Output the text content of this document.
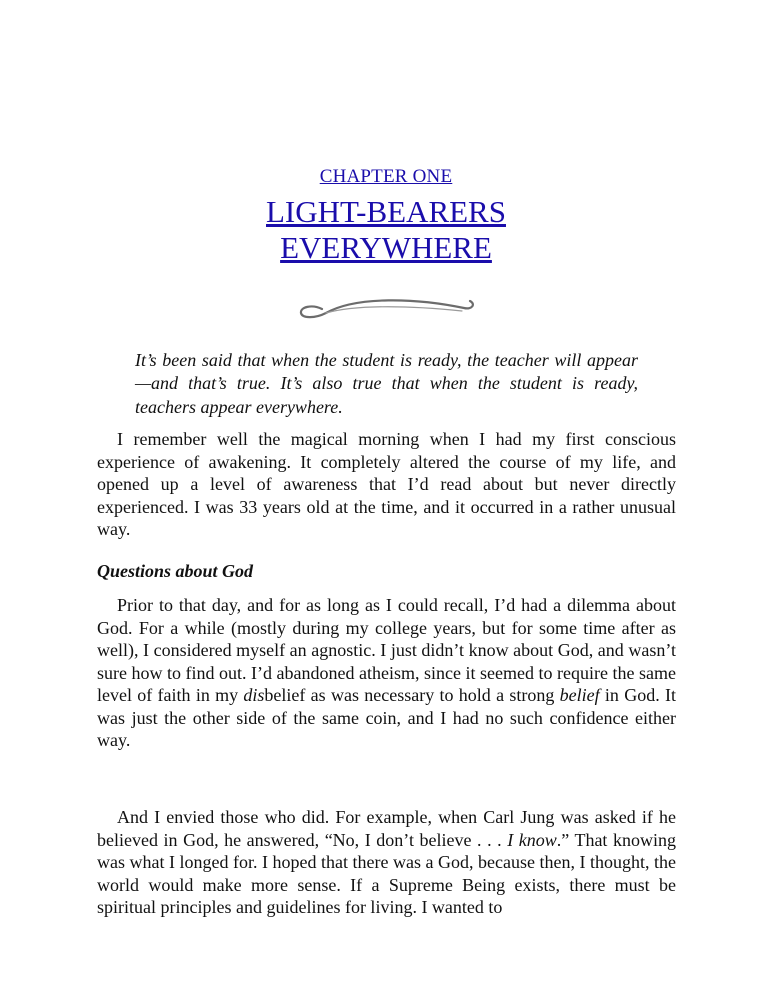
CHAPTER ONE
LIGHT-BEARERS
EVERYWHERE

It’s been said that when the student is ready, the teacher will appear—and that’s true. It’s also true that when the student is ready, teachers appear everywhere.

I remember well the magical morning when I had my first conscious experience of awakening. It completely altered the course of my life, and opened up a level of awareness that I’d read about but never directly experienced. I was 33 years old at the time, and it occurred in a rather unusual way.

Questions about God

Prior to that day, and for as long as I could recall, I’d had a dilemma about God. For a while (mostly during my college years, but for some time after as well), I considered myself an agnostic. I just didn’t know about God, and wasn’t sure how to find out. I’d abandoned atheism, since it seemed to require the same level of faith in my disbelief as was necessary to hold a strong belief in God. It was just the other side of the same coin, and I had no such confidence either way.

And I envied those who did. For example, when Carl Jung was asked if he believed in God, he answered, “No, I don’t believe . . . I know.” That knowing was what I longed for. I hoped that there was a God, because then, I thought, the world would make more sense. If a Supreme Being exists, there must be spiritual principles and guidelines for living. I wanted to
